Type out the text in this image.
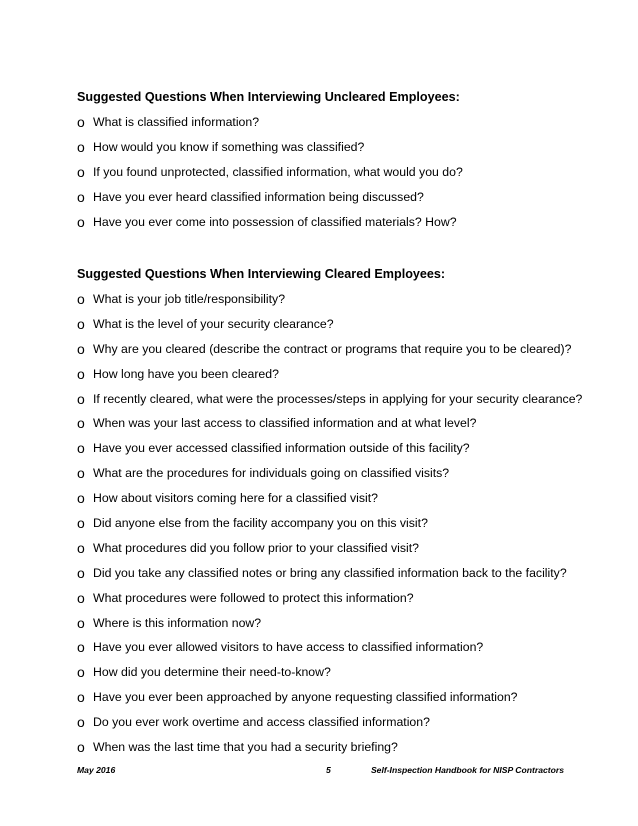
Suggested Questions When Interviewing Uncleared Employees:
o What is classified information?
o How would you know if something was classified?
o If you found unprotected, classified information, what would you do?
o Have you ever heard classified information being discussed?
o Have you ever come into possession of classified materials? How?
Suggested Questions When Interviewing Cleared Employees:
o What is your job title/responsibility?
o What is the level of your security clearance?
o Why are you cleared (describe the contract or programs that require you to be cleared)?
o How long have you been cleared?
o If recently cleared, what were the processes/steps in applying for your security clearance?
o When was your last access to classified information and at what level?
o Have you ever accessed classified information outside of this facility?
o What are the procedures for individuals going on classified visits?
o How about visitors coming here for a classified visit?
o Did anyone else from the facility accompany you on this visit?
o What procedures did you follow prior to your classified visit?
o Did you take any classified notes or bring any classified information back to the facility?
o What procedures were followed to protect this information?
o Where is this information now?
o Have you ever allowed visitors to have access to classified information?
o How did you determine their need-to-know?
o Have you ever been approached by anyone requesting classified information?
o Do you ever work overtime and access classified information?
o When was the last time that you had a security briefing?
May 2016	5	Self-Inspection Handbook for NISP Contractors
